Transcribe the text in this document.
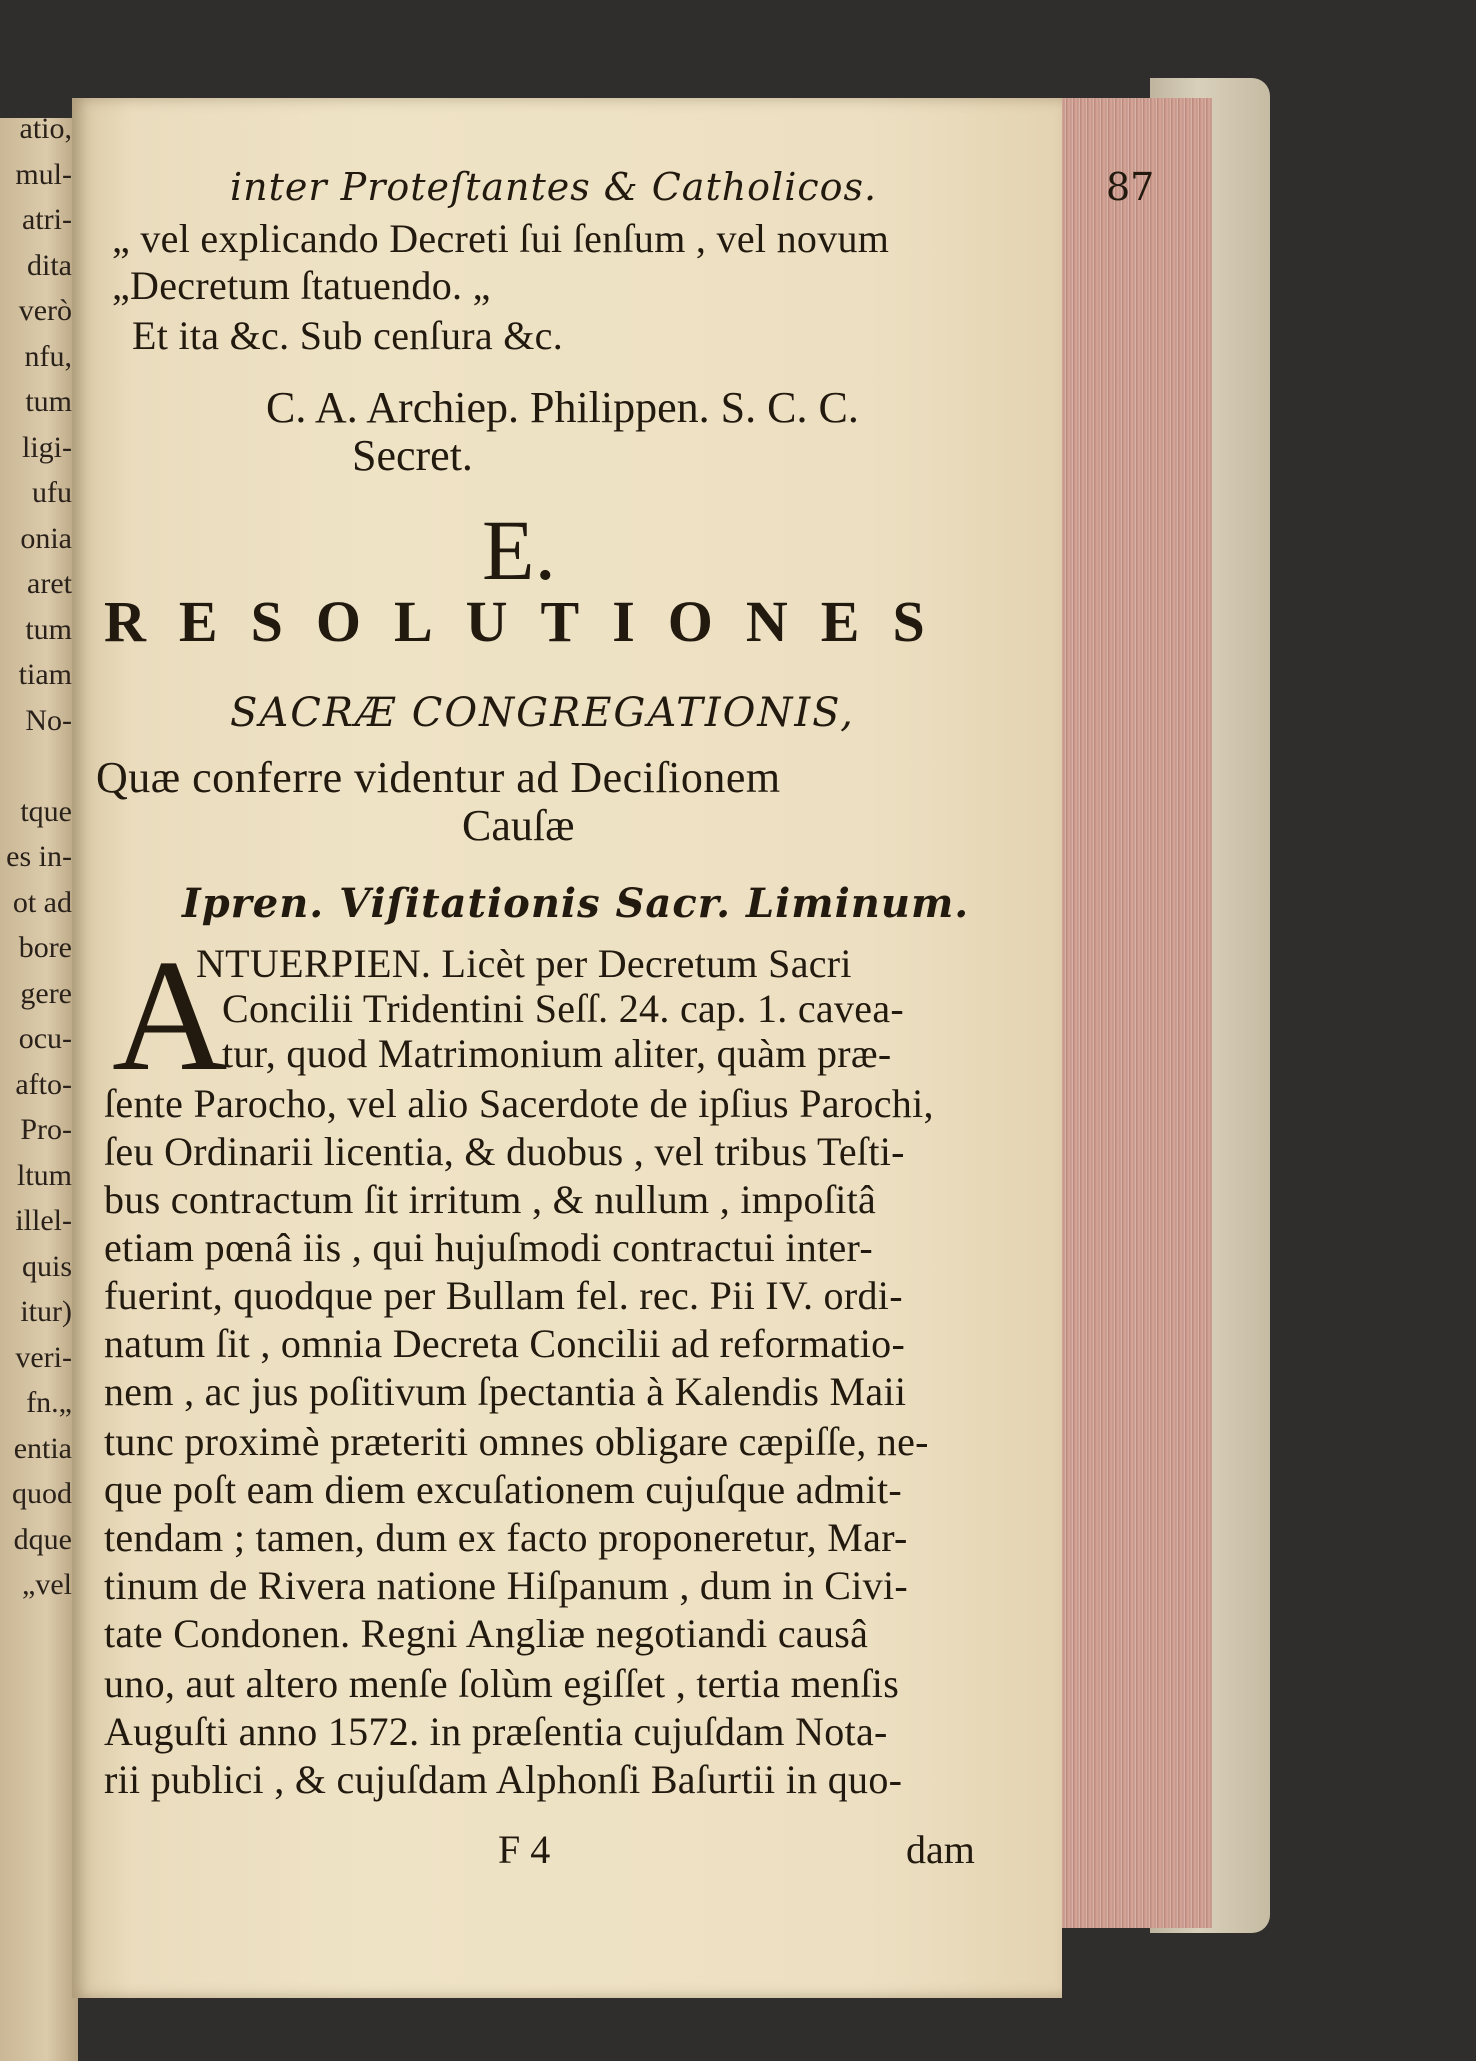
atio,
mul-
atri-
dita
verò
nfu,
tum
ligi-
ufu
onia
aret
tum
tiam
No-
tque
es in-
ot ad
bore
gere
ocu-
afto-
Pro-
ltum
illel-
quis
itur)
veri-
fn.„
entia
quod
dque
„vel
inter Proteſtantes & Catholicos.	87
„ vel explicando Decreti ſui ſenſum , vel novum
„Decretum ſtatuendo. „
Et ita &c. Sub cenſura &c.
C. A. Archiep. Philippen. S. C. C.
Secret.
E.
RESOLUTIONES
SACRÆ CONGREGATIONIS,
Quæ conferre videntur ad Deciſionem
Cauſæ
Ipren. Viſitationis Sacr. Liminum.
A
NTUERPIEN. Licèt per Decretum Sacri
Concilii Tridentini Seſſ. 24. cap. 1. cavea-
tur, quod Matrimonium aliter, quàm præ-
ſente Parocho, vel alio Sacerdote de ipſius Parochi,
ſeu Ordinarii licentia, & duobus , vel tribus Teſti-
bus contractum ſit irritum , & nullum , impoſitâ
etiam pœnâ iis , qui hujuſmodi contractui inter-
fuerint, quodque per Bullam fel. rec. Pii IV. ordi-
natum ſit , omnia Decreta Concilii ad reformatio-
nem , ac jus poſitivum ſpectantia à Kalendis Maii
tunc proximè præteriti omnes obligare cæpiſſe, ne-
que poſt eam diem excuſationem cujuſque admit-
tendam ; tamen, dum ex facto proponeretur, Mar-
tinum de Rivera natione Hiſpanum , dum in Civi-
tate Condonen. Regni Angliæ negotiandi causâ
uno, aut altero menſe ſolùm egiſſet , tertia menſis
Auguſti anno 1572. in præſentia cujuſdam Nota-
rii publici , & cujuſdam Alphonſi Baſurtii in quo-
F 4	dam
